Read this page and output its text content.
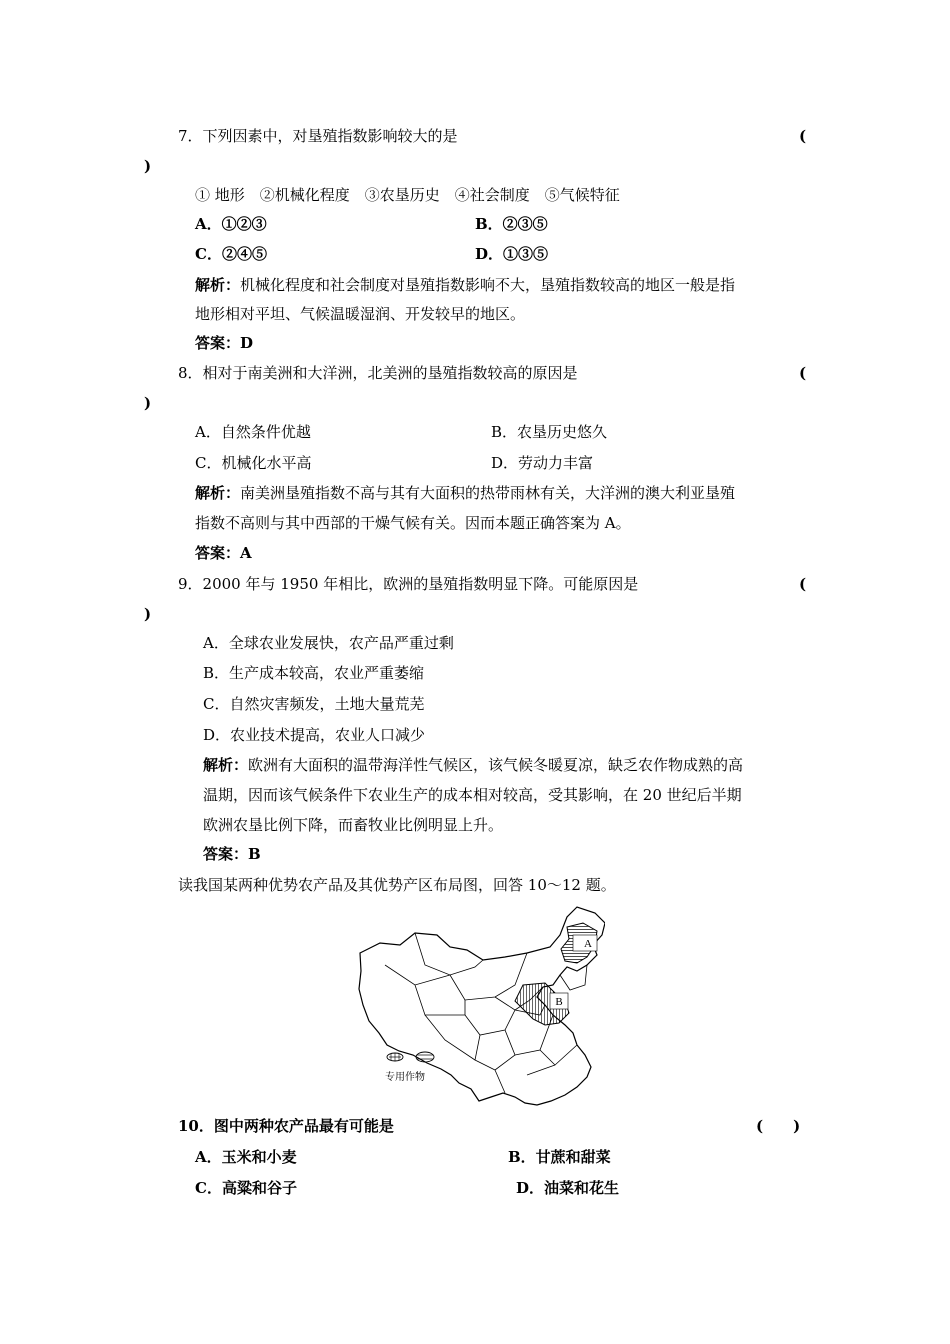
7．下列因素中，对垦殖指数影响较大的是	(
)
① 地形　②机械化程度　③农垦历史　④社会制度　⑤气候特征
A．①②③	B．②③⑤
C．②④⑤	D．①③⑤
解析：机械化程度和社会制度对垦殖指数影响不大，垦殖指数较高的地区一般是指
地形相对平坦、气候温暖湿润、开发较早的地区。
答案：D
8．相对于南美洲和大洋洲，北美洲的垦殖指数较高的原因是	(
)
A．自然条件优越	B．农垦历史悠久
C．机械化水平高	D．劳动力丰富
解析：南美洲垦殖指数不高与其有大面积的热带雨林有关，大洋洲的澳大利亚垦殖
指数不高则与其中西部的干燥气候有关。因而本题正确答案为 A。
答案：A
9．2000 年与 1950 年相比，欧洲的垦殖指数明显下降。可能原因是	(
)
A．全球农业发展快，农产品严重过剩
B．生产成本较高，农业严重萎缩
C．自然灾害频发，土地大量荒芜
D．农业技术提高，农业人口减少
解析：欧洲有大面积的温带海洋性气候区，该气候冬暖夏凉，缺乏农作物成熟的高
温期，因而该气候条件下农业生产的成本相对较高，受其影响，在 20 世纪后半期
欧洲农垦比例下降，而畜牧业比例明显上升。
答案：B
读我国某两种优势农产品及其优势产区布局图，回答 10～12 题。
A
B
专用作物
10．图中两种农产品最有可能是	(　　)
A．玉米和小麦	B．甘蔗和甜菜
C．高粱和谷子	D．油菜和花生
